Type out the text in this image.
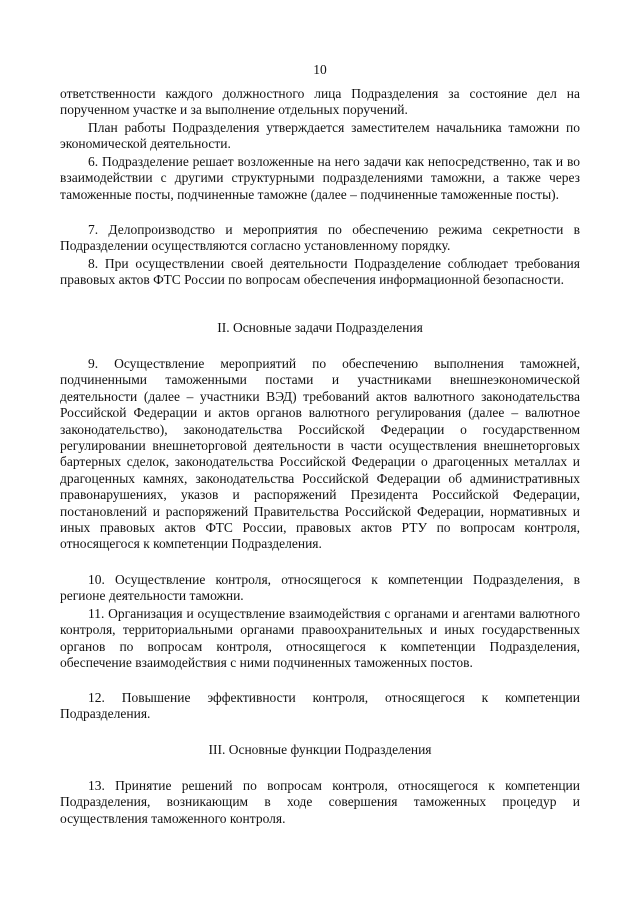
10

ответственности каждого должностного лица Подразделения за состояние дел на порученном участке и за выполнение отдельных поручений.

План работы Подразделения утверждается заместителем начальника таможни по экономической деятельности.

6. Подразделение решает возложенные на него задачи как непосредственно, так и во взаимодействии с другими структурными подразделениями таможни, а также через таможенные посты, подчиненные таможне (далее – подчиненные таможенные посты).

7. Делопроизводство и мероприятия по обеспечению режима секретности в Подразделении осуществляются согласно установленному порядку.

8. При осуществлении своей деятельности Подразделение соблюдает требования правовых актов ФТС России по вопросам обеспечения информационной безопасности.

II. Основные задачи Подразделения

9. Осуществление мероприятий по обеспечению выполнения таможней, подчиненными таможенными постами и участниками внешнеэкономической деятельности (далее – участники ВЭД) требований актов валютного законодательства Российской Федерации и актов органов валютного регулирования (далее – валютное законодательство), законодательства Российской Федерации о государственном регулировании внешнеторговой деятельности в части осуществления внешнеторговых бартерных сделок, законодательства Российской Федерации о драгоценных металлах и драгоценных камнях, законодательства Российской Федерации об административных правонарушениях, указов и распоряжений Президента Российской Федерации, постановлений и распоряжений Правительства Российской Федерации, нормативных и иных правовых актов ФТС России, правовых актов РТУ по вопросам контроля, относящегося к компетенции Подразделения.

10. Осуществление контроля, относящегося к компетенции Подразделения, в регионе деятельности таможни.

11. Организация и осуществление взаимодействия с органами и агентами валютного контроля, территориальными органами правоохранительных и иных государственных органов по вопросам контроля, относящегося к компетенции Подразделения, обеспечение взаимодействия с ними подчиненных таможенных постов.

12. Повышение эффективности контроля, относящегося к компетенции Подразделения.

III. Основные функции Подразделения

13. Принятие решений по вопросам контроля, относящегося к компетенции Подразделения, возникающим в ходе совершения таможенных процедур и осуществления таможенного контроля.
